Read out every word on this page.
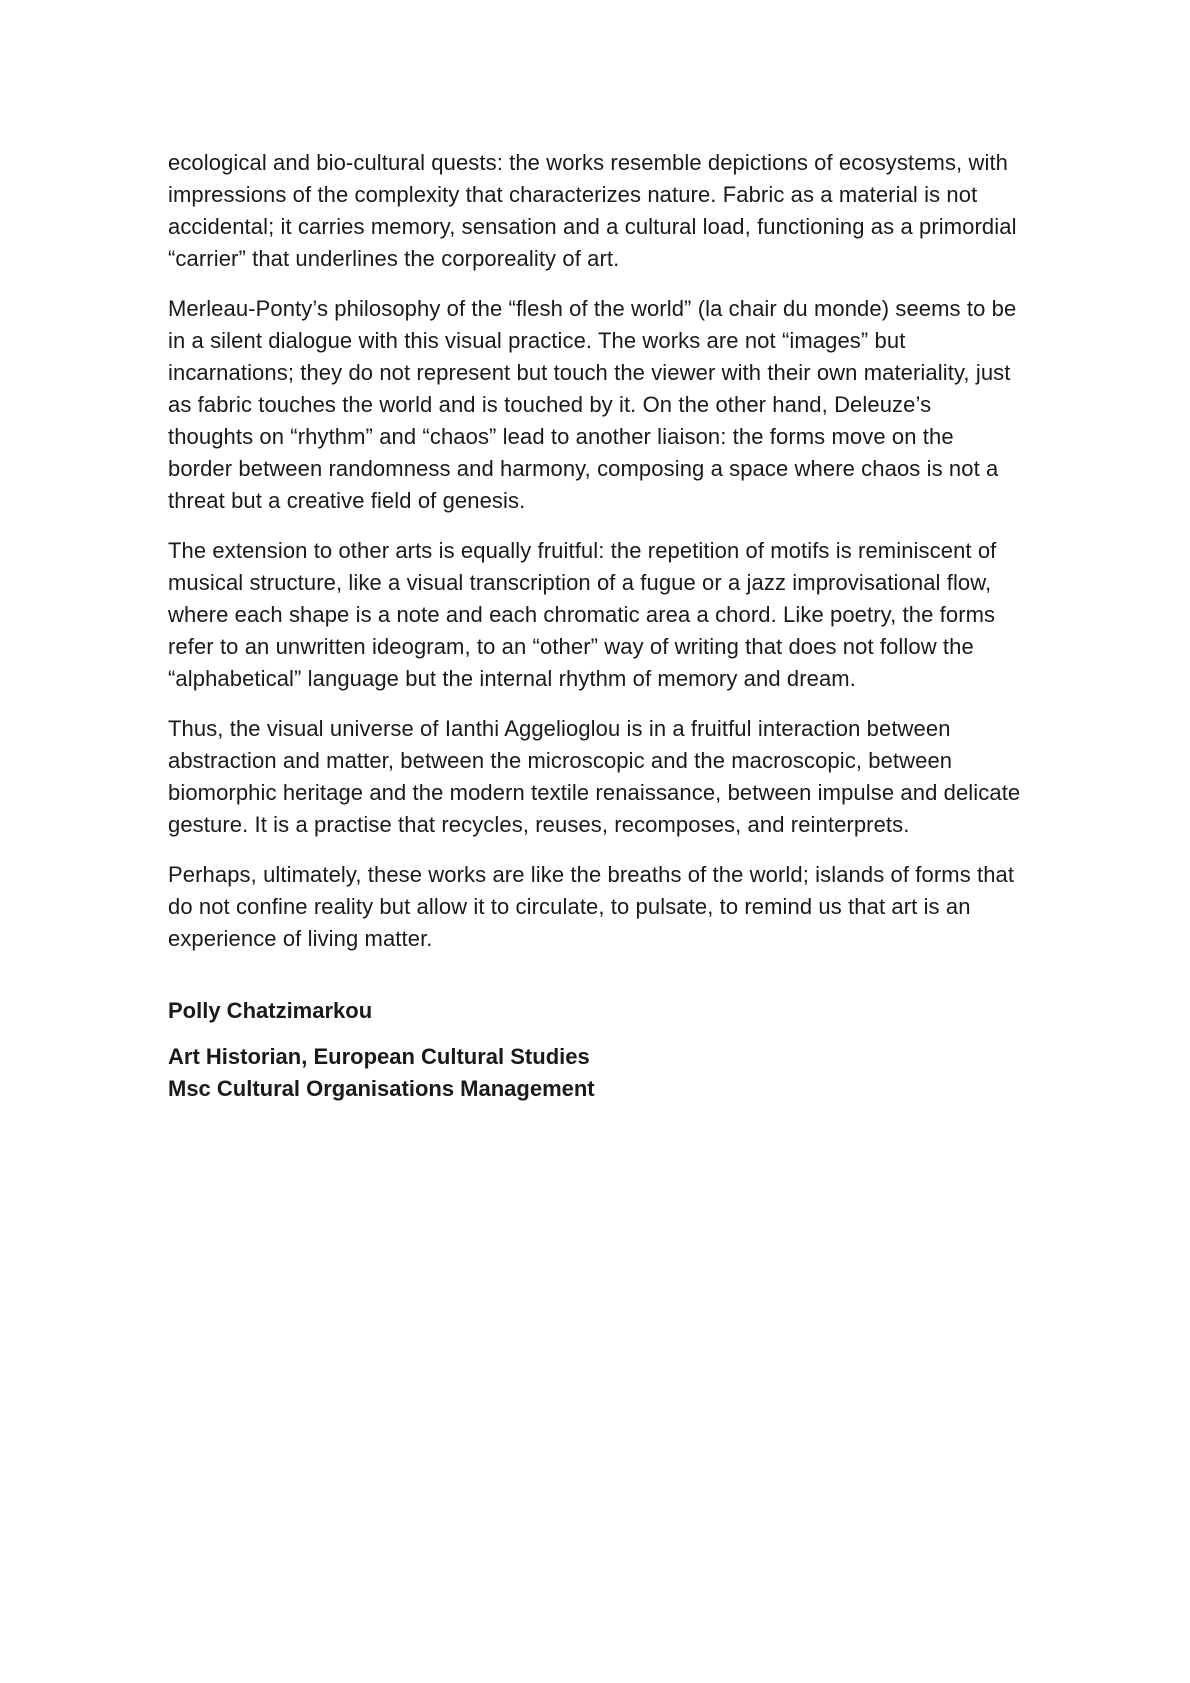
ecological and bio-cultural quests: the works resemble depictions of ecosystems, with impressions of the complexity that characterizes nature. Fabric as a material is not accidental; it carries memory, sensation and a cultural load, functioning as a primordial “carrier” that underlines the corporeality of art.

Merleau-Ponty’s philosophy of the “flesh of the world” (la chair du monde) seems to be in a silent dialogue with this visual practice. The works are not “images” but incarnations; they do not represent but touch the viewer with their own materiality, just as fabric touches the world and is touched by it. On the other hand, Deleuze’s thoughts on “rhythm” and “chaos” lead to another liaison: the forms move on the border between randomness and harmony, composing a space where chaos is not a threat but a creative field of genesis.

The extension to other arts is equally fruitful: the repetition of motifs is reminiscent of musical structure, like a visual transcription of a fugue or a jazz improvisational flow, where each shape is a note and each chromatic area a chord. Like poetry, the forms refer to an unwritten ideogram, to an “other” way of writing that does not follow the “alphabetical” language but the internal rhythm of memory and dream.

Thus, the visual universe of Ianthi Aggelioglou is in a fruitful interaction between abstraction and matter, between the microscopic and the macroscopic, between biomorphic heritage and the modern textile renaissance, between impulse and delicate gesture. It is a practise that recycles, reuses, recomposes, and reinterprets.

Perhaps, ultimately, these works are like the breaths of the world; islands of forms that do not confine reality but allow it to circulate, to pulsate, to remind us that art is an experience of living matter.

Polly Chatzimarkou

Art Historian, European Cultural Studies

Msc Cultural Organisations Management
